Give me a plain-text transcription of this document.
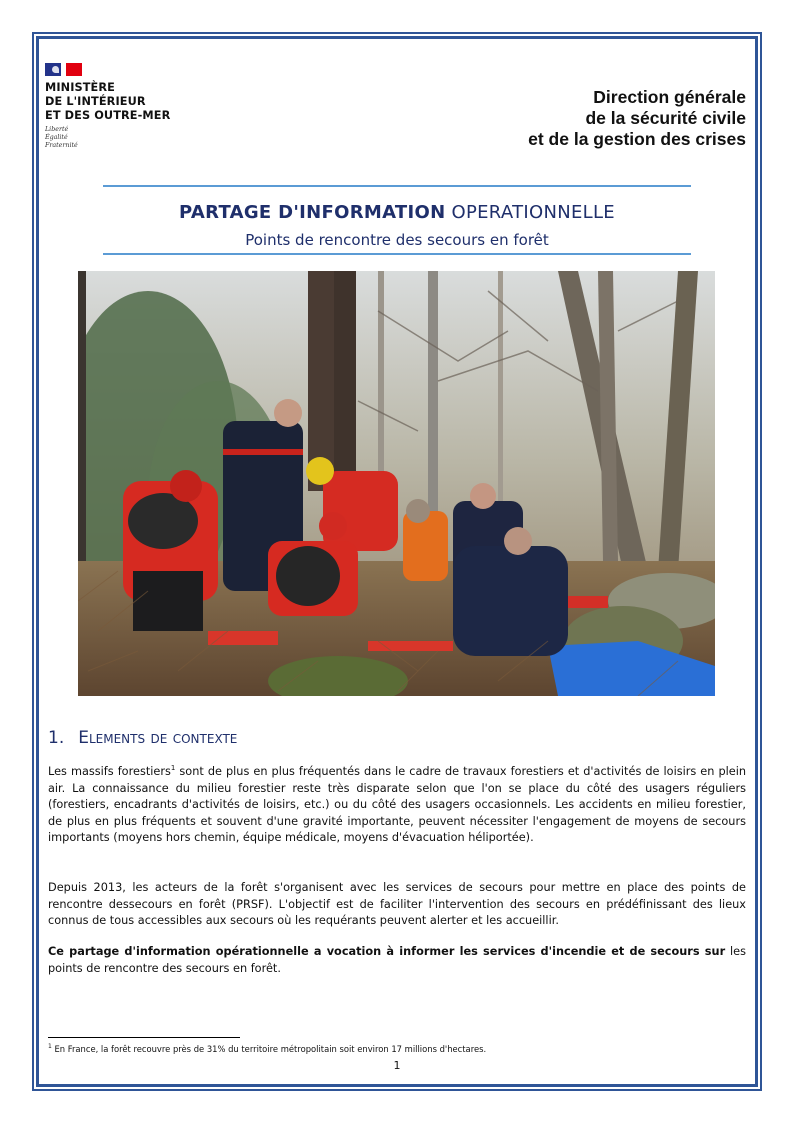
MINISTÈRE
DE L'INTÉRIEUR
ET DES OUTRE-MER
Liberté
Égalité
Fraternité
Direction générale
de la sécurité civile
et de la gestion des crises
PARTAGE D'INFORMATION OPERATIONNELLE
Points de rencontre des secours en forêt
1. Elements de contexte
Les massifs forestiers$^1$ sont de plus en plus fréquentés dans le cadre de travaux forestiers et d'activités de loisirs en plein air. La connaissance du milieu forestier reste très disparate selon que l'on se place du côté des usagers réguliers (forestiers, encadrants d'activités de loisirs, etc.) ou du côté des usagers occasionnels. Les accidents en milieu forestier, de plus en plus fréquents et souvent d'une gravité importante, peuvent nécessiter l'engagement de moyens de secours importants (moyens hors chemin, équipe médicale, moyens d'évacuation héliportée).
Depuis 2013, les acteurs de la forêt s'organisent avec les services de secours pour mettre en place des points de rencontre dessecours en forêt (PRSF). L'objectif est de faciliter l'intervention des secours en prédéfinissant des lieux connus de tous accessibles aux secours où les requérants peuvent alerter et les accueillir.
Ce partage d'information opérationnelle a vocation à informer les services d'incendie et de secours sur les points de rencontre des secours en forêt.
$^1$ En France, la forêt recouvre près de 31% du territoire métropolitain soit environ 17 millions d'hectares.
1
